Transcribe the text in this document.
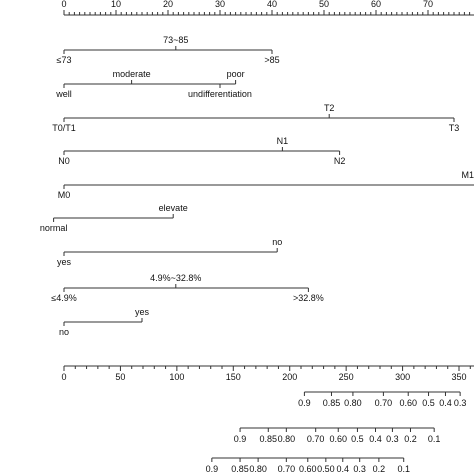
0	10	20	30	40	50	60	70
≤73
73~85
>85
well
moderate	poor
undifferentiation
T0/T1
T2
T3
N0
N1
N2
M0
M1
normal
elevate
yes
no
≤4.9%
4.9%~32.8%
>32.8%
no
yes
0	50	100	150	200	250	300	350
0.9 0.85 0.80 0.70 0.60 0.5 0.4 0.3
0.9 0.85 0.80 0.70 0.60 0.5 0.4 0.3 0.2 0.1
0.9 0.85 0.80 0.70 0.60 0.50 0.4 0.3 0.2 0.1
